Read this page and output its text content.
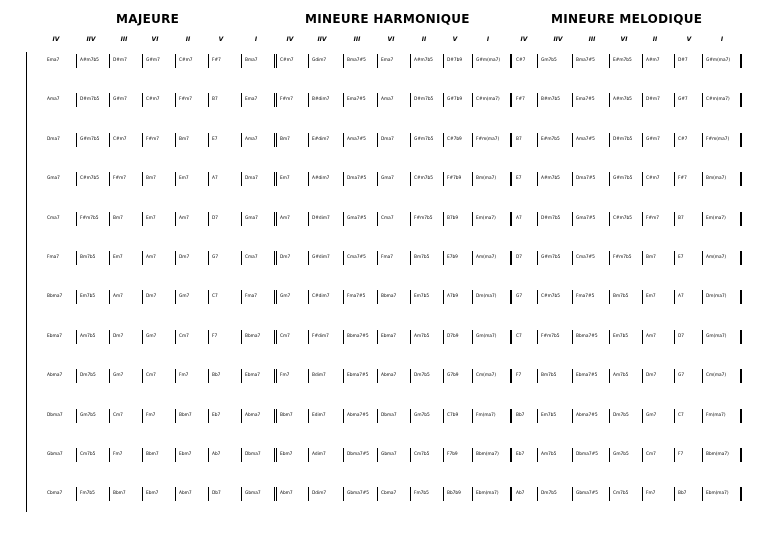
MAJEURE	MINEURE HARMONIQUE	MINEURE MELODIQUE
IV	IIV	III	VI	II	V	I	IV	IIV	III	VI	II	V	I	IV	IIV	III	VI	II	V	I
Ema7	A#m7b5	D#m7	G#m7	C#m7	F#7	Bma7	C#m7	Gdim7	Bma7#5	Ema7	A#m7b5	D#7b9	G#m(ma7)	C#7	Gm7b5	Bma7#5	E#m7b5	A#m7	D#7	G#m(ma7)
Ama7	D#m7b5	G#m7	C#m7	F#m7	B7	Ema7	F#m7	B#dim7	Ema7#5	Ama7	D#m7b5	G#7b9	C#m(ma7)	F#7	B#m7b5	Ema7#5	A#m7b5	D#m7	G#7	C#m(ma7)
Dma7	G#m7b5	C#m7	F#m7	Bm7	E7	Ama7	Bm7	E#dim7	Ama7#5	Dma7	G#m7b5	C#7b9	F#m(ma7)	B7	E#m7b5	Ama7#5	D#m7b5	G#m7	C#7	F#m(ma7)
Gma7	C#m7b5	F#m7	Bm7	Em7	A7	Dma7	Em7	A#dim7	Dma7#5	Gma7	C#m7b5	F#7b9	Bm(ma7)	E7	A#m7b5	Dma7#5	G#m7b5	C#m7	F#7	Bm(ma7)
Cma7	F#m7b5	Bm7	Em7	Am7	D7	Gma7	Am7	D#dim7	Gma7#5	Cma7	F#m7b5	B7b9	Em(ma7)	A7	D#m7b5	Gma7#5	C#m7b5	F#m7	B7	Em(ma7)
Fma7	Bm7b5	Em7	Am7	Dm7	G7	Cma7	Dm7	G#dim7	Cma7#5	Fma7	Bm7b5	E7b9	Am(ma7)	D7	G#m7b5	Cma7#5	F#m7b5	Bm7	E7	Am(ma7)
Bbma7	Em7b5	Am7	Dm7	Gm7	C7	Fma7	Gm7	C#dim7	Fma7#5	Bbma7	Em7b5	A7b9	Dm(ma7)	G7	C#m7b5	Fma7#5	Bm7b5	Em7	A7	Dm(ma7)
Ebma7	Am7b5	Dm7	Gm7	Cm7	F7	Bbma7	Cm7	F#dim7	Bbma7#5	Ebma7	Am7b5	D7b9	Gm(ma7)	C7	F#m7b5	Bbma7#5	Em7b5	Am7	D7	Gm(ma7)
Abma7	Dm7b5	Gm7	Cm7	Fm7	Bb7	Ebma7	Fm7	Bdim7	Ebma7#5	Abma7	Dm7b5	G7b9	Cm(ma7)	F7	Bm7b5	Ebma7#5	Am7b5	Dm7	G7	Cm(ma7)
Dbma7	Gm7b5	Cm7	Fm7	Bbm7	Eb7	Abma7	Bbm7	Edim7	Abma7#5	Dbma7	Gm7b5	C7b9	Fm(ma7)	Bb7	Em7b5	Abma7#5	Dm7b5	Gm7	C7	Fm(ma7)
Gbma7	Cm7b5	Fm7	Bbm7	Ebm7	Ab7	Dbma7	Ebm7	Adim7	Dbma7#5	Gbma7	Cm7b5	F7b9	Bbm(ma7)	Eb7	Am7b5	Dbma7#5	Gm7b5	Cm7	F7	Bbm(ma7)
Cbma7	Fm7b5	Bbm7	Ebm7	Abm7	Db7	Gbma7	Abm7	Ddim7	Gbma7#5	Cbma7	Fm7b5	Bb7b9	Ebm(ma7)	Ab7	Dm7b5	Gbma7#5	Cm7b5	Fm7	Bb7	Ebm(ma7)
